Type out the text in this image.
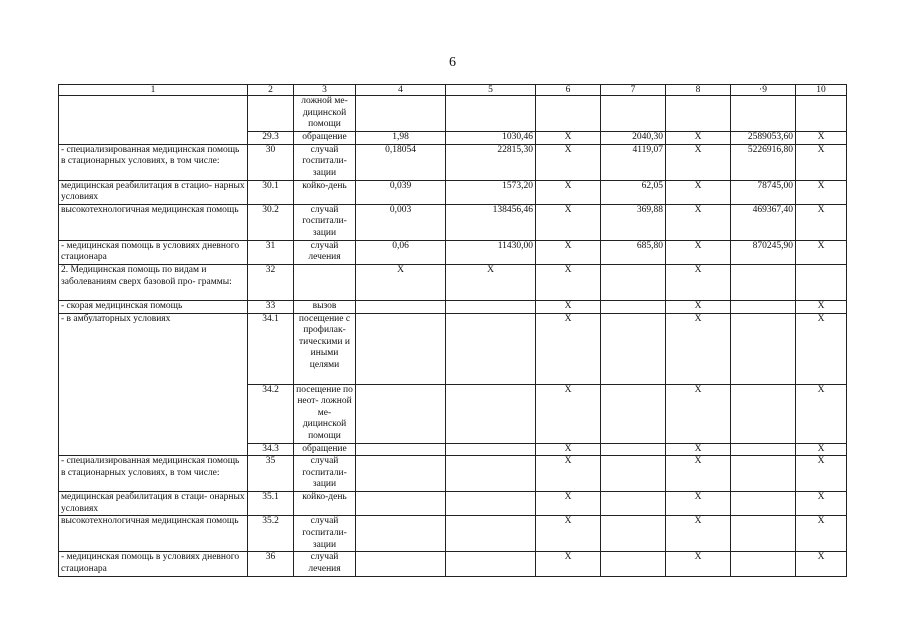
6
1	2	3	4	5	6	7	8	·9	10
		ложной ме- дицинской помощи							
	29.3	обращение	1,98	1030,46	Х	2040,30	Х	2589053,60	Х
- специализированная медицинская помощь в стационарных условиях, в том числе:	30	случай госпитали- зации	0,18054	22815,30	Х	4119,07	Х	5226916,80	Х
медицинская реабилитация в стацио- нарных условиях	30.1	койко-день	0,039	1573,20	Х	62,05	Х	78745,00	Х
высокотехнологичная медицинская помощь	30.2	случай госпитали- зации	0,003	138456,46	Х	369,88	Х	469367,40	Х
- медицинская помощь в условиях дневного стационара	31	случай лечения	0,06	11430,00	Х	685,80	Х	870245,90	Х
2. Медицинская помощь по видам и заболеваниям сверх базовой про- граммы:	32		Х	Х	Х		Х		
- скорая медицинская помощь	33	вызов			Х		Х		Х
- в амбулаторных условиях	34.1	посещение с профилак- тическими и иными целями			Х		Х		Х
	34.2	посещение по неот- ложной ме- дицинской помощи			Х		Х		Х
	34.3	обращение			Х		Х		Х
- специализированная медицинская помощь в стационарных условиях, в том числе:	35	случай госпитали- зации			Х		Х		Х
медицинская реабилитация в стаци- онарных условиях	35.1	койко-день			Х		Х		Х
высокотехнологичная медицинская помощь	35.2	случай госпитали- зации			Х		Х		Х
- медицинская помощь в условиях дневного стационара	36	случай лечения			Х		Х		Х
